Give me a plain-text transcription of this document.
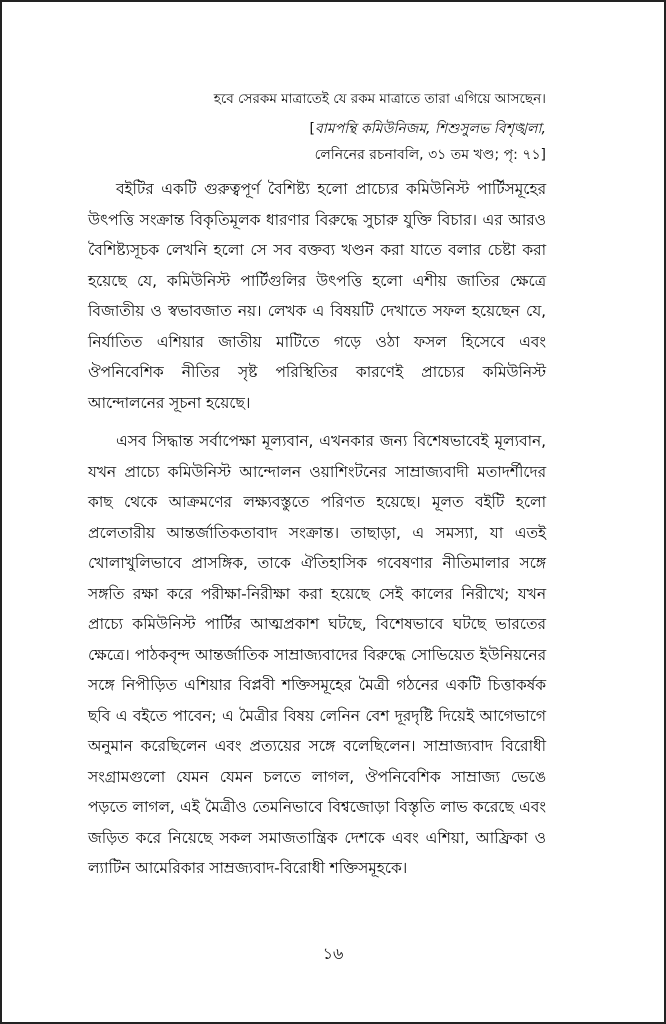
হবে সেরকম মাত্রাতেই যে রকম মাত্রাতে তারা এগিয়ে আসছেন।

[বামপন্থি কমিউনিজম, শিশুসুলভ বিশৃঙ্খলা,
লেনিনের রচনাবলি, ৩১ তম খণ্ড; পৃ: ৭১]

বইটির একটি গুরুত্বপূর্ণ বৈশিষ্ট্য হলো প্রাচ্যের কমিউনিস্ট পার্টিসমূহের উৎপত্তি সংক্রান্ত বিকৃতিমূলক ধারণার বিরুদ্ধে সুচারু যুক্তি বিচার। এর আরও বৈশিষ্ট্যসূচক লেখনি হলো সে সব বক্তব্য খণ্ডন করা যাতে বলার চেষ্টা করা হয়েছে যে, কমিউনিস্ট পার্টিগুলির উৎপত্তি হলো এশীয় জাতির ক্ষেত্রে বিজাতীয় ও স্বভাবজাত নয়। লেখক এ বিষয়টি দেখাতে সফল হয়েছেন যে, নির্যাতিত এশিয়ার জাতীয় মাটিতে গড়ে ওঠা ফসল হিসেবে এবং ঔপনিবেশিক নীতির সৃষ্ট পরিস্থিতির কারণেই প্রাচ্যের কমিউনিস্ট আন্দোলনের সূচনা হয়েছে।

এসব সিদ্ধান্ত সর্বাপেক্ষা মূল্যবান, এখনকার জন্য বিশেষভাবেই মূল্যবান, যখন প্রাচ্যে কমিউনিস্ট আন্দোলন ওয়াশিংটনের সাম্রাজ্যবাদী মতাদর্শীদের কাছ থেকে আক্রমণের লক্ষ্যবস্তুতে পরিণত হয়েছে। মূলত বইটি হলো প্রলেতারীয় আন্তর্জাতিকতাবাদ সংক্রান্ত। তাছাড়া, এ সমস্যা, যা এতই খোলাখুলিভাবে প্রাসঙ্গিক, তাকে ঐতিহাসিক গবেষণার নীতিমালার সঙ্গে সঙ্গতি রক্ষা করে পরীক্ষা-নিরীক্ষা করা হয়েছে সেই কালের নিরীখে; যখন প্রাচ্যে কমিউনিস্ট পার্টির আত্মপ্রকাশ ঘটছে, বিশেষভাবে ঘটছে ভারতের ক্ষেত্রে। পাঠকবৃন্দ আন্তর্জাতিক সাম্রাজ্যবাদের বিরুদ্ধে সোভিয়েত ইউনিয়নের সঙ্গে নিপীড়িত এশিয়ার বিপ্লবী শক্তিসমূহের মৈত্রী গঠনের একটি চিত্তাকর্ষক ছবি এ বইতে পাবেন; এ মৈত্রীর বিষয় লেনিন বেশ দূরদৃষ্টি দিয়েই আগেভাগে অনুমান করেছিলেন এবং প্রত্যয়ের সঙ্গে বলেছিলেন। সাম্রাজ্যবাদ বিরোধী সংগ্রামগুলো যেমন যেমন চলতে লাগল, ঔপনিবেশিক সাম্রাজ্য ভেঙে পড়তে লাগল, এই মৈত্রীও তেমনিভাবে বিশ্বজোড়া বিস্তৃতি লাভ করেছে এবং জড়িত করে নিয়েছে সকল সমাজতান্ত্রিক দেশকে এবং এশিয়া, আফ্রিকা ও ল্যাটিন আমেরিকার সাম্রজ্যবাদ-বিরোধী শক্তিসমূহকে।

১৬
